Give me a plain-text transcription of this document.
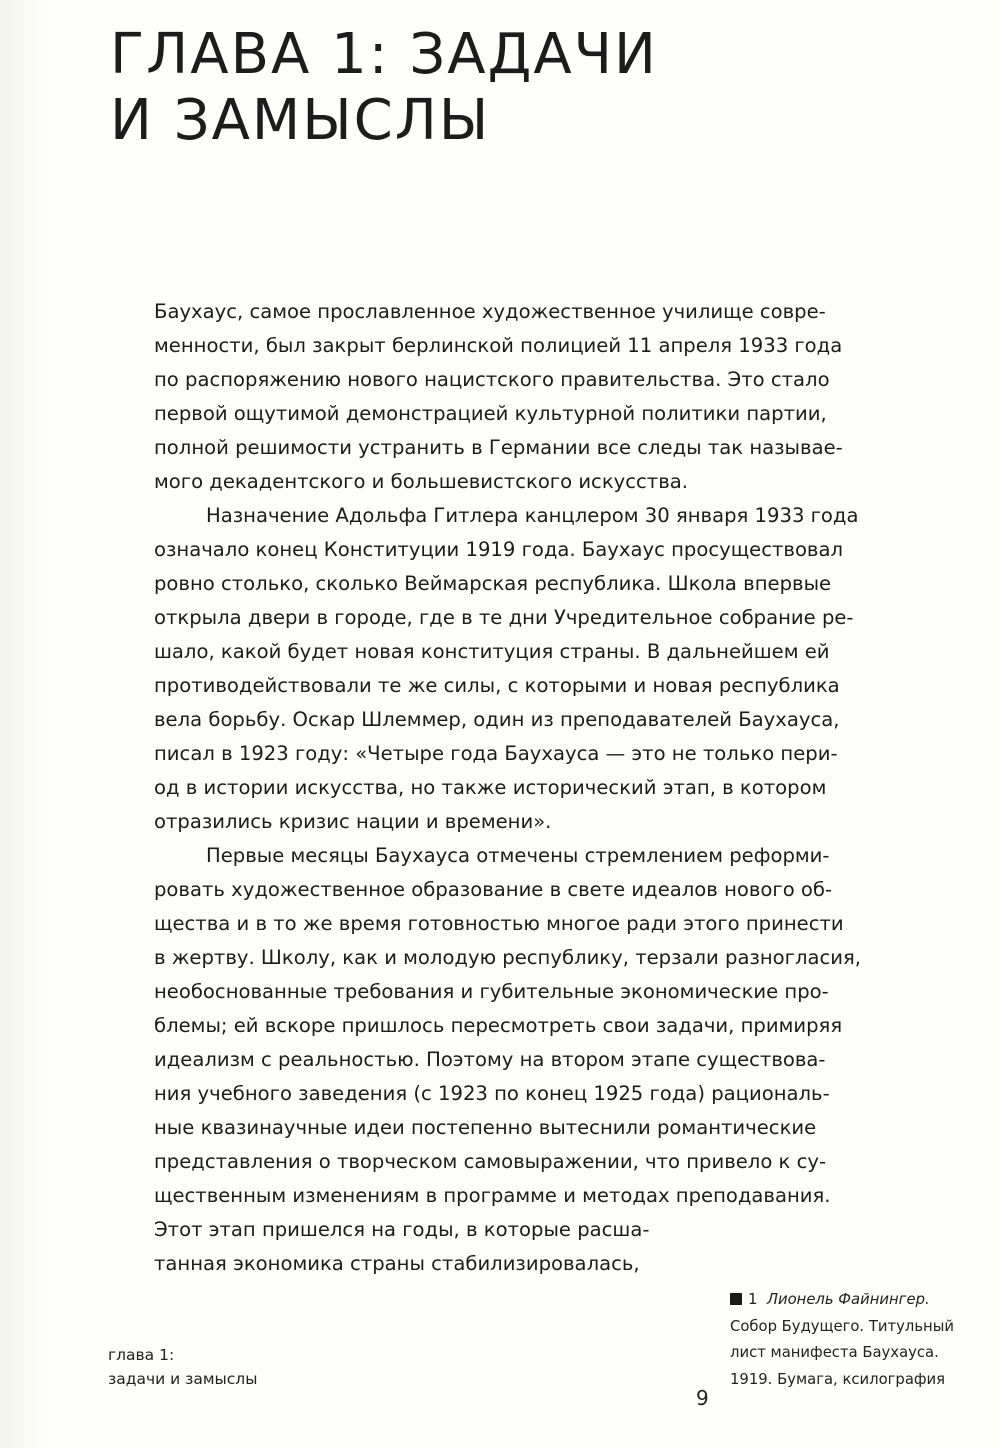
ГЛАВА 1: ЗАДАЧИ
И ЗАМЫСЛЫ
Баухаус, самое прославленное художественное училище совре-
менности, был закрыт берлинской полицией 11 апреля 1933 года
по распоряжению нового нацистского правительства. Это стало
первой ощутимой демонстрацией культурной политики партии,
полной решимости устранить в Германии все следы так называе-
мого декадентского и большевистского искусства.
Назначение Адольфа Гитлера канцлером 30 января 1933 года
означало конец Конституции 1919 года. Баухаус просуществовал
ровно столько, сколько Веймарская республика. Школа впервые
открыла двери в городе, где в те дни Учредительное собрание ре-
шало, какой будет новая конституция страны. В дальнейшем ей
противодействовали те же силы, с которыми и новая республика
вела борьбу. Оскар Шлеммер, один из преподавателей Баухауса,
писал в 1923 году: «Четыре года Баухауса — это не только пери-
од в истории искусства, но также исторический этап, в котором
отразились кризис нации и времени».
Первые месяцы Баухауса отмечены стремлением реформи-
ровать художественное образование в свете идеалов нового об-
щества и в то же время готовностью многое ради этого принести
в жертву. Школу, как и молодую республику, терзали разногласия,
необоснованные требования и губительные экономические про-
блемы; ей вскоре пришлось пересмотреть свои задачи, примиряя
идеализм с реальностью. Поэтому на втором этапе существова-
ния учебного заведения (с 1923 по конец 1925 года) рациональ-
ные квазинаучные идеи постепенно вытеснили романтические
представления о творческом самовыражении, что привело к су-
щественным изменениям в программе и методах преподавания.
Этот этап пришелся на годы, в которые расша-
танная экономика страны стабилизировалась,
глава 1:
задачи и замыслы
9
1 Лионель Файнингер.
Собор Будущего. Титульный
лист манифеста Баухауса.
1919. Бумага, ксилография
